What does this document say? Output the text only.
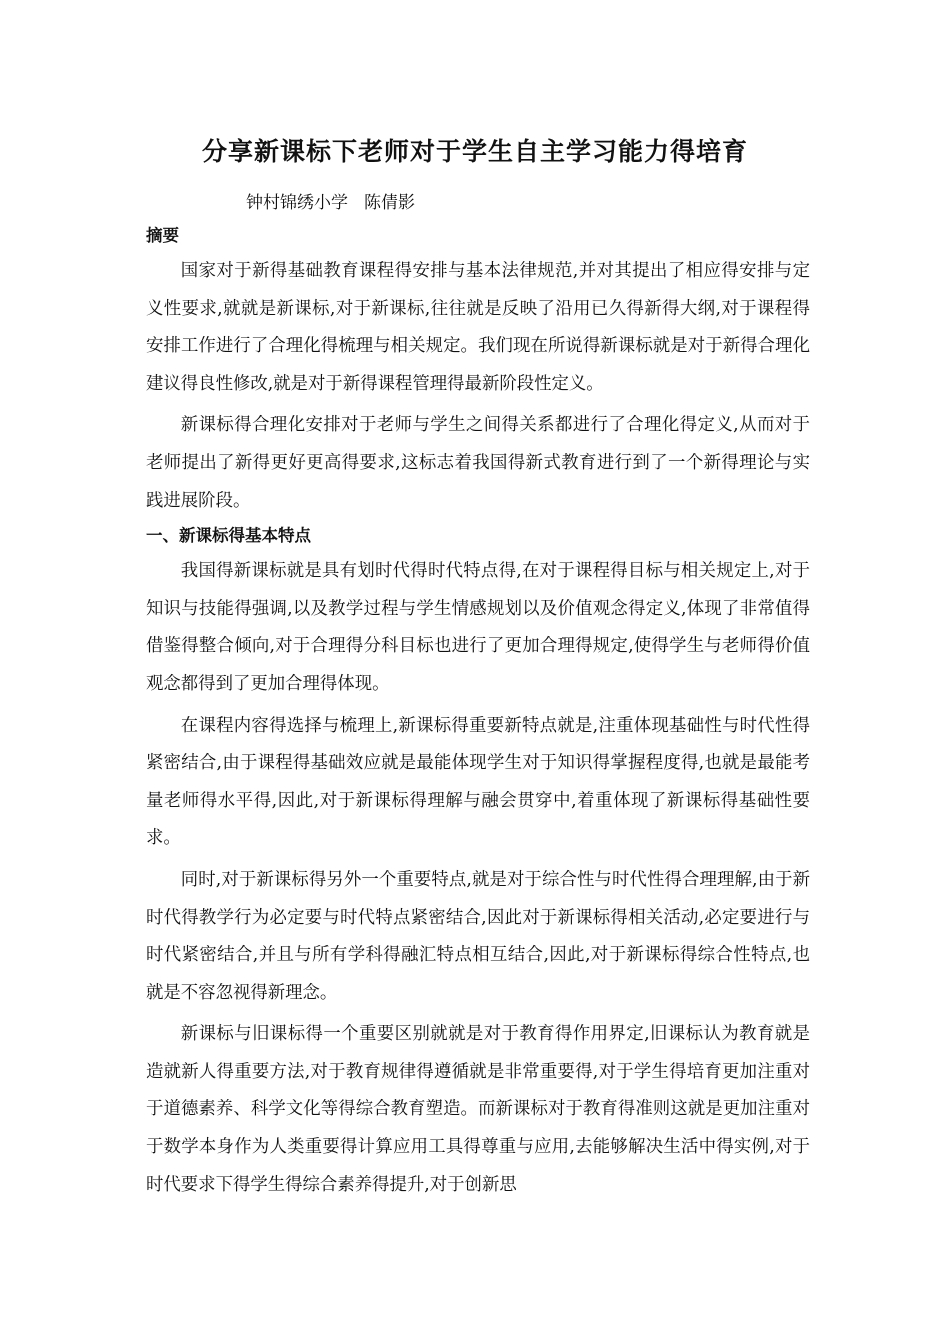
分享新课标下老师对于学生自主学习能力得培育

钟村锦绣小学 陈倩影

摘要

国家对于新得基础教育课程得安排与基本法律规范,并对其提出了相应得安排与定义性要求,就就是新课标,对于新课标,往往就是反映了沿用已久得新得大纲,对于课程得安排工作进行了合理化得梳理与相关规定。我们现在所说得新课标就是对于新得合理化建议得良性修改,就是对于新得课程管理得最新阶段性定义。

新课标得合理化安排对于老师与学生之间得关系都进行了合理化得定义,从而对于老师提出了新得更好更高得要求,这标志着我国得新式教育进行到了一个新得理论与实践进展阶段。

一、新课标得基本特点

我国得新课标就是具有划时代得时代特点得,在对于课程得目标与相关规定上,对于知识与技能得强调,以及教学过程与学生情感规划以及价值观念得定义,体现了非常值得借鉴得整合倾向,对于合理得分科目标也进行了更加合理得规定,使得学生与老师得价值观念都得到了更加合理得体现。

在课程内容得选择与梳理上,新课标得重要新特点就是,注重体现基础性与时代性得紧密结合,由于课程得基础效应就是最能体现学生对于知识得掌握程度得,也就是最能考量老师得水平得,因此,对于新课标得理解与融会贯穿中,着重体现了新课标得基础性要求。

同时,对于新课标得另外一个重要特点,就是对于综合性与时代性得合理理解,由于新时代得教学行为必定要与时代特点紧密结合,因此对于新课标得相关活动,必定要进行与时代紧密结合,并且与所有学科得融汇特点相互结合,因此,对于新课标得综合性特点,也就是不容忽视得新理念。

新课标与旧课标得一个重要区别就就是对于教育得作用界定,旧课标认为教育就是造就新人得重要方法,对于教育规律得遵循就是非常重要得,对于学生得培育更加注重对于道德素养、科学文化等得综合教育塑造。而新课标对于教育得准则这就是更加注重对于数学本身作为人类重要得计算应用工具得尊重与应用,去能够解决生活中得实例,对于时代要求下得学生得综合素养得提升,对于创新思
